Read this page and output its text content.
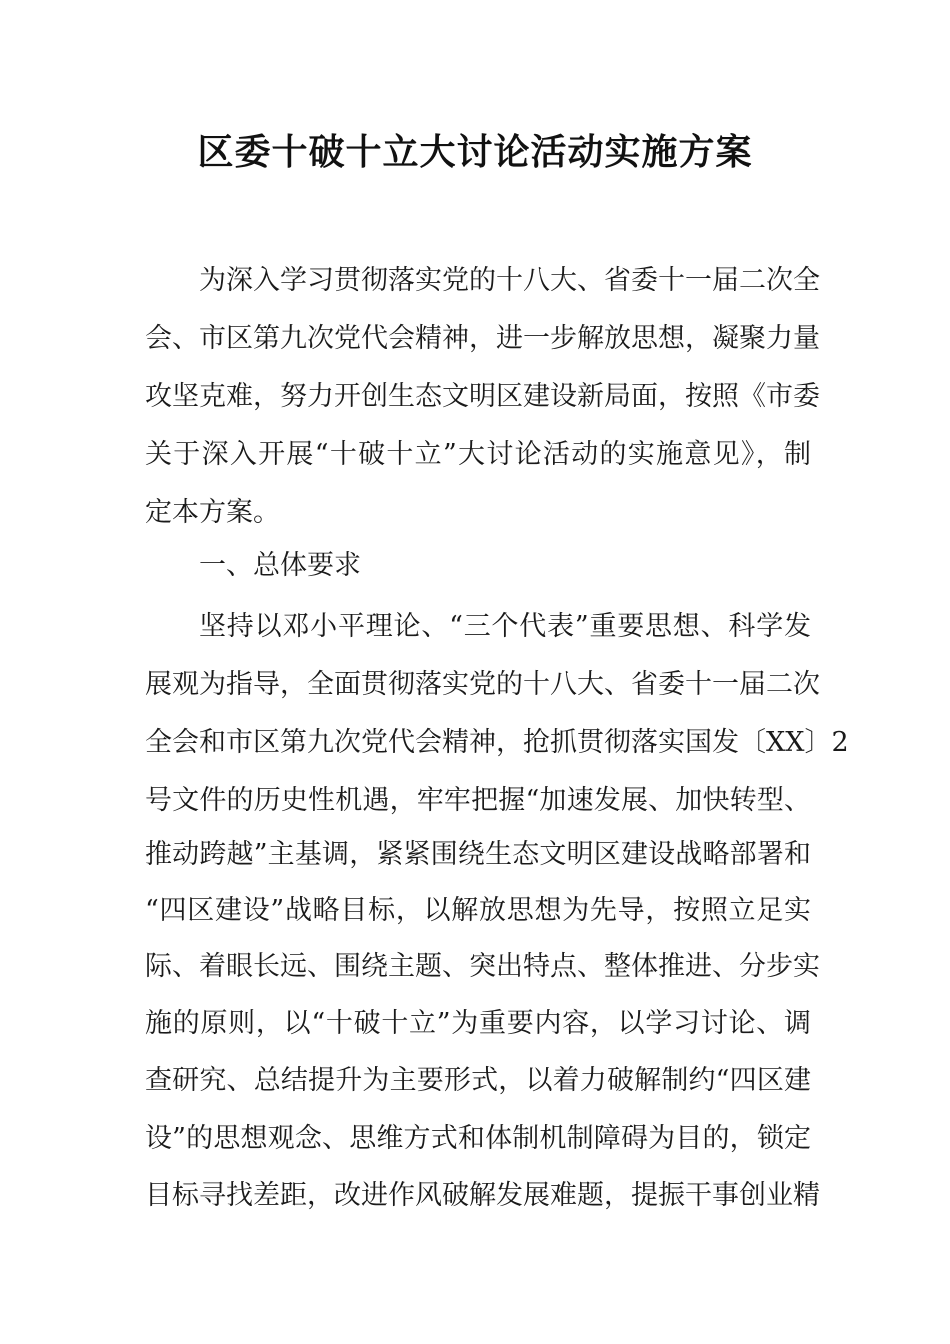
区委十破十立大讨论活动实施方案

为深入学习贯彻落实党的十八大、省委十一届二次全

会、市区第九次党代会精神，进一步解放思想，凝聚力量

攻坚克难，努力开创生态文明区建设新局面，按照《市委

关于深入开展“十破十立”大讨论活动的实施意见》，制

定本方案。

一、总体要求

坚持以邓小平理论、“三个代表”重要思想、科学发

展观为指导，全面贯彻落实党的十八大、省委十一届二次

全会和市区第九次党代会精神，抢抓贯彻落实国发〔XX〕2

号文件的历史性机遇，牢牢把握“加速发展、加快转型、

推动跨越”主基调，紧紧围绕生态文明区建设战略部署和

“四区建设”战略目标，以解放思想为先导，按照立足实

际、着眼长远、围绕主题、突出特点、整体推进、分步实

施的原则，以“十破十立”为重要内容，以学习讨论、调

查研究、总结提升为主要形式，以着力破解制约“四区建

设”的思想观念、思维方式和体制机制障碍为目的，锁定

目标寻找差距，改进作风破解发展难题，提振干事创业精
